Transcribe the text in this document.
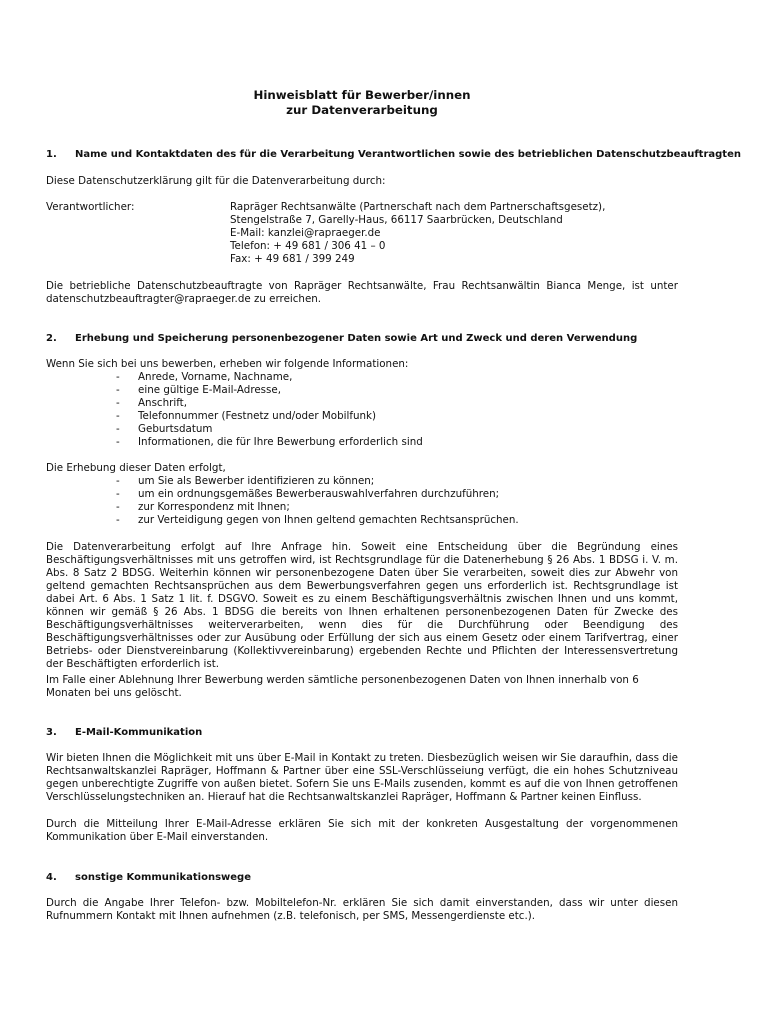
Hinweisblatt für Bewerber/innen
zur Datenverarbeitung
1. Name und Kontaktdaten des für die Verarbeitung Verantwortlichen sowie des betrieblichen Datenschutzbeauftragten

Diese Datenschutzerklärung gilt für die Datenverarbeitung durch:

Verantwortlicher:	Rapräger Rechtsanwälte (Partnerschaft nach dem Partnerschaftsgesetz),
Stengelstraße 7, Garelly-Haus, 66117 Saarbrücken, Deutschland
E-Mail: kanzlei@rapraeger.de
Telefon: + 49 681 / 306 41 – 0
Fax: + 49 681 / 399 249

Die betriebliche Datenschutzbeauftragte von Rapräger Rechtsanwälte, Frau Rechtsanwältin Bianca Menge, ist unter datenschutzbeauftragter@rapraeger.de zu erreichen.

2. Erhebung und Speicherung personenbezogener Daten sowie Art und Zweck und deren Verwendung

Wenn Sie sich bei uns bewerben, erheben wir folgende Informationen:

- Anrede, Vorname, Nachname,
- eine gültige E-Mail-Adresse,
- Anschrift,
- Telefonnummer (Festnetz und/oder Mobilfunk)
- Geburtsdatum
- Informationen, die für Ihre Bewerbung erforderlich sind

Die Erhebung dieser Daten erfolgt,

- um Sie als Bewerber identifizieren zu können;
- um ein ordnungsgemäßes Bewerberauswahlverfahren durchzuführen;
- zur Korrespondenz mit Ihnen;
- zur Verteidigung gegen von Ihnen geltend gemachten Rechtsansprüchen.

Die Datenverarbeitung erfolgt auf Ihre Anfrage hin. Soweit eine Entscheidung über die Begründung eines Beschäftigungsverhältnisses mit uns getroffen wird, ist Rechtsgrundlage für die Datenerhebung § 26 Abs. 1 BDSG i. V. m. Abs. 8 Satz 2 BDSG. Weiterhin können wir personenbezogene Daten über Sie verarbeiten, soweit dies zur Abwehr von geltend gemachten Rechtsansprüchen aus dem Bewerbungsverfahren gegen uns erforderlich ist. Rechtsgrundlage ist dabei Art. 6 Abs. 1 Satz 1 lit. f. DSGVO. Soweit es zu einem Beschäftigungsverhältnis zwischen Ihnen und uns kommt, können wir gemäß § 26 Abs. 1 BDSG die bereits von Ihnen erhaltenen personenbezogenen Daten für Zwecke des Beschäftigungsverhältnisses weiterverarbeiten, wenn dies für die Durchführung oder Beendigung des Beschäftigungsverhältnisses oder zur Ausübung oder Erfüllung der sich aus einem Gesetz oder einem Tarifvertrag, einer Betriebs- oder Dienstvereinbarung (Kollektivvereinbarung) ergebenden Rechte und Pflichten der Interessensvertretung der Beschäftigten erforderlich ist.

Im Falle einer Ablehnung Ihrer Bewerbung werden sämtliche personenbezogenen Daten von Ihnen innerhalb von 6 Monaten bei uns gelöscht.

3. E-Mail-Kommunikation

Wir bieten Ihnen die Möglichkeit mit uns über E-Mail in Kontakt zu treten. Diesbezüglich weisen wir Sie daraufhin, dass die Rechtsanwaltskanzlei Rapräger, Hoffmann & Partner über eine SSL-Verschlüsseiung verfügt, die ein hohes Schutzniveau gegen unberechtigte Zugriffe von außen bietet. Sofern Sie uns E-Mails zusenden, kommt es auf die von Ihnen getroffenen Verschlüsselungstechniken an. Hierauf hat die Rechtsanwaltskanzlei Rapräger, Hoffmann & Partner keinen Einfluss.

Durch die Mitteilung Ihrer E-Mail-Adresse erklären Sie sich mit der konkreten Ausgestaltung der vorgenommenen Kommunikation über E-Mail einverstanden.

4. sonstige Kommunikationswege

Durch die Angabe Ihrer Telefon- bzw. Mobiltelefon-Nr. erklären Sie sich damit einverstanden, dass wir unter diesen Rufnummern Kontakt mit Ihnen aufnehmen (z.B. telefonisch, per SMS, Messengerdienste etc.).
